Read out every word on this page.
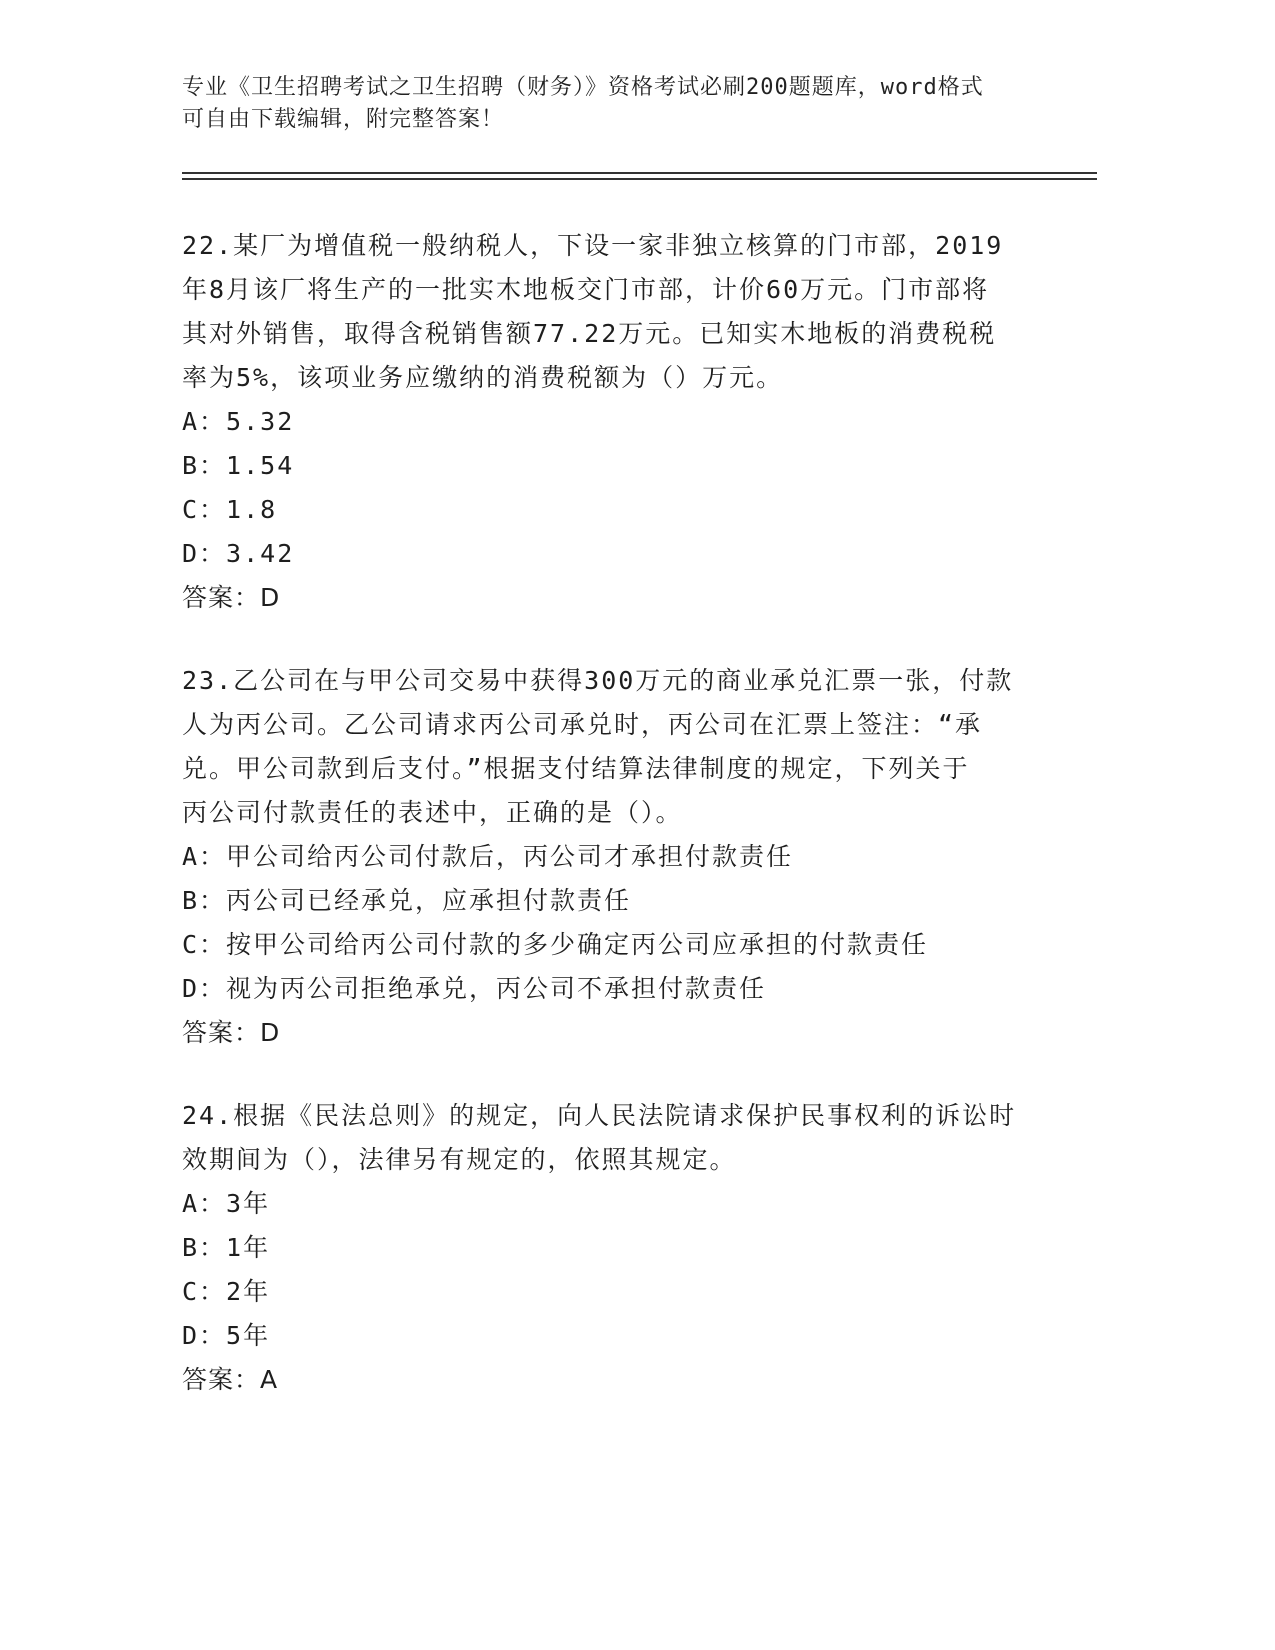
专业《卫生招聘考试之卫生招聘（财务）》资格考试必刷200题题库，word格式
可自由下载编辑，附完整答案！

22.某厂为增值税一般纳税人，下设一家非独立核算的门市部，2019

年8月该厂将生产的一批实木地板交门市部，计价60万元。门市部将

其对外销售，取得含税销售额77.22万元。已知实木地板的消费税税

率为5%，该项业务应缴纳的消费税额为（）万元。

A：5.32

B：1.54

C：1.8

D：3.42

答案：D

23.乙公司在与甲公司交易中获得300万元的商业承兑汇票一张，付款

人为丙公司。乙公司请求丙公司承兑时，丙公司在汇票上签注：“承

兑。甲公司款到后支付。”根据支付结算法律制度的规定，下列关于

丙公司付款责任的表述中，正确的是（）。

A：甲公司给丙公司付款后，丙公司才承担付款责任

B：丙公司已经承兑，应承担付款责任

C：按甲公司给丙公司付款的多少确定丙公司应承担的付款责任

D：视为丙公司拒绝承兑，丙公司不承担付款责任

答案：D

24.根据《民法总则》的规定，向人民法院请求保护民事权利的诉讼时

效期间为（），法律另有规定的，依照其规定。

A：3年

B：1年

C：2年

D：5年

答案：A
